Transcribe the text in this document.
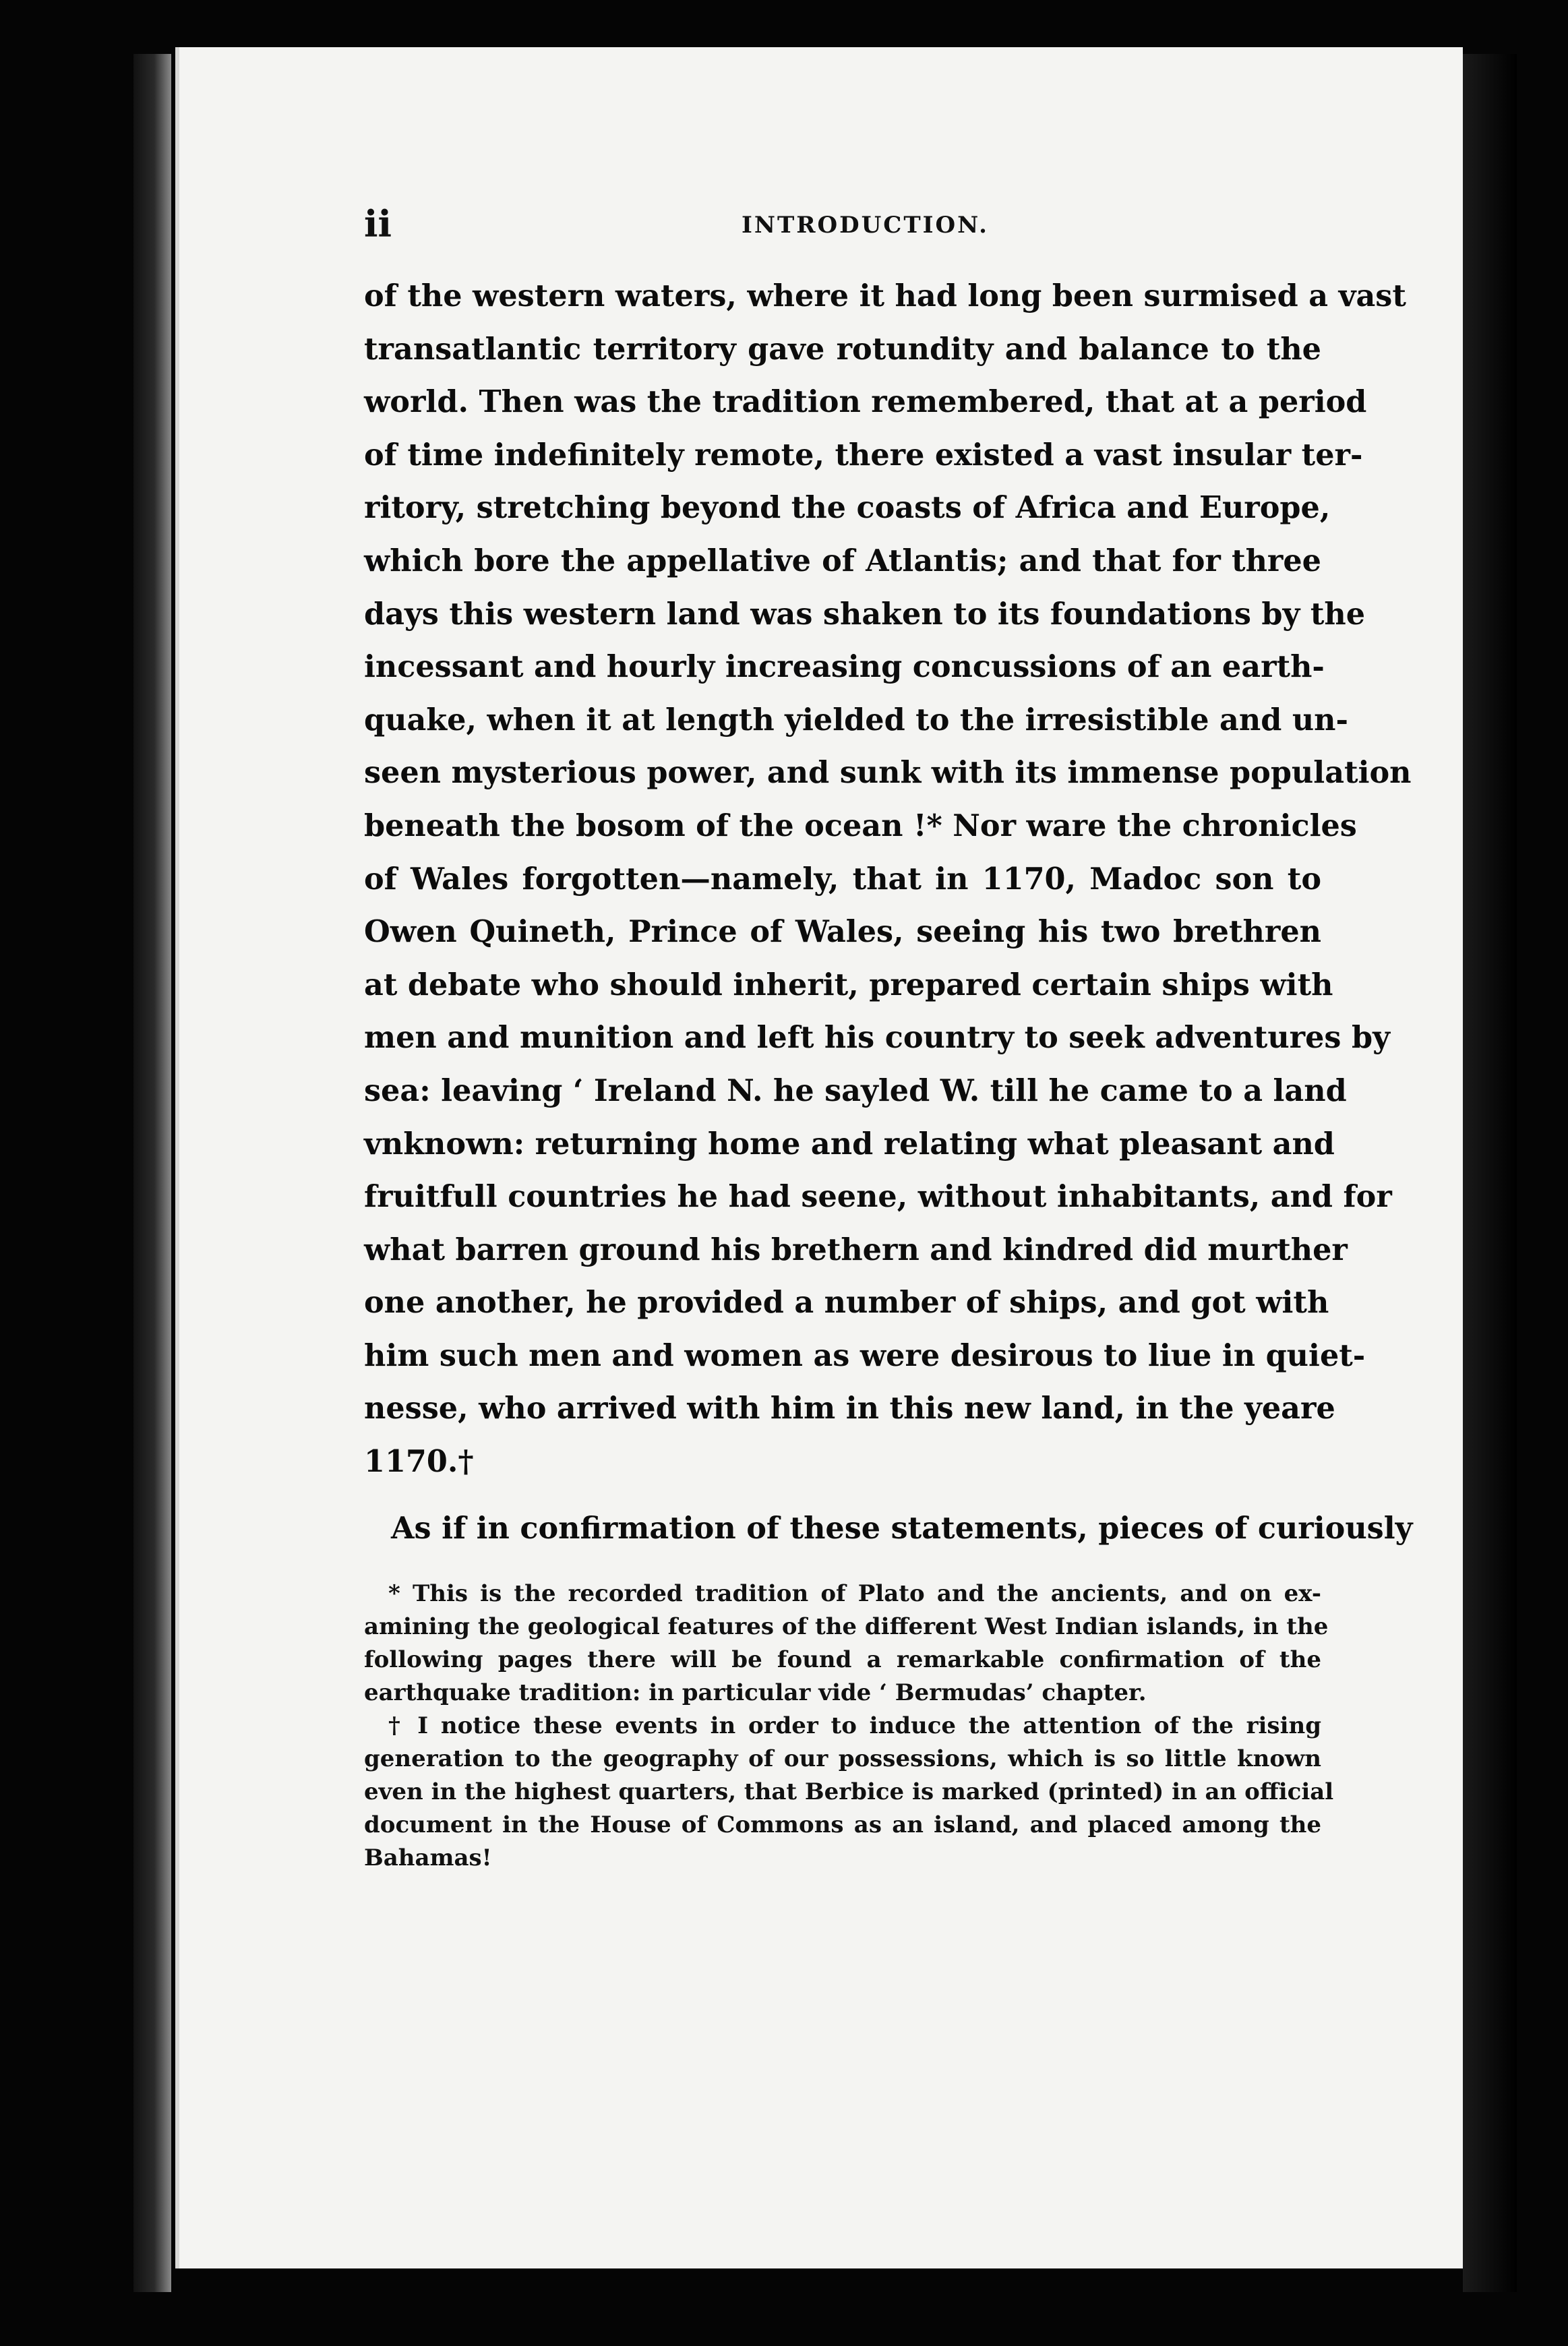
ii	INTRODUCTION.
of the western waters, where it had long been surmised a vast
transatlantic territory gave rotundity and balance to the
world. Then was the tradition remembered, that at a period
of time indefinitely remote, there existed a vast insular ter-
ritory, stretching beyond the coasts of Africa and Europe,
which bore the appellative of Atlantis; and that for three
days this western land was shaken to its foundations by the
incessant and hourly increasing concussions of an earth-
quake, when it at length yielded to the irresistible and un-
seen mysterious power, and sunk with its immense population
beneath the bosom of the ocean !* Nor ware the chronicles
of Wales forgotten—namely, that in 1170, Madoc son to
Owen Quineth, Prince of Wales, seeing his two brethren
at debate who should inherit, prepared certain ships with
men and munition and left his country to seek adventures by
sea: leaving ‘ Ireland N. he sayled W. till he came to a land
vnknown: returning home and relating what pleasant and
fruitfull countries he had seene, without inhabitants, and for
what barren ground his brethern and kindred did murther
one another, he provided a number of ships, and got with
him such men and women as were desirous to liue in quiet-
nesse, who arrived with him in this new land, in the yeare
1170.†
As if in confirmation of these statements, pieces of curiously
* This is the recorded tradition of Plato and the ancients, and on ex-
amining the geological features of the different West Indian islands, in the
following pages there will be found a remarkable confirmation of the
earthquake tradition: in particular vide ‘ Bermudas’ chapter.
† I notice these events in order to induce the attention of the rising
generation to the geography of our possessions, which is so little known
even in the highest quarters, that Berbice is marked (printed) in an official
document in the House of Commons as an island, and placed among the
Bahamas!
